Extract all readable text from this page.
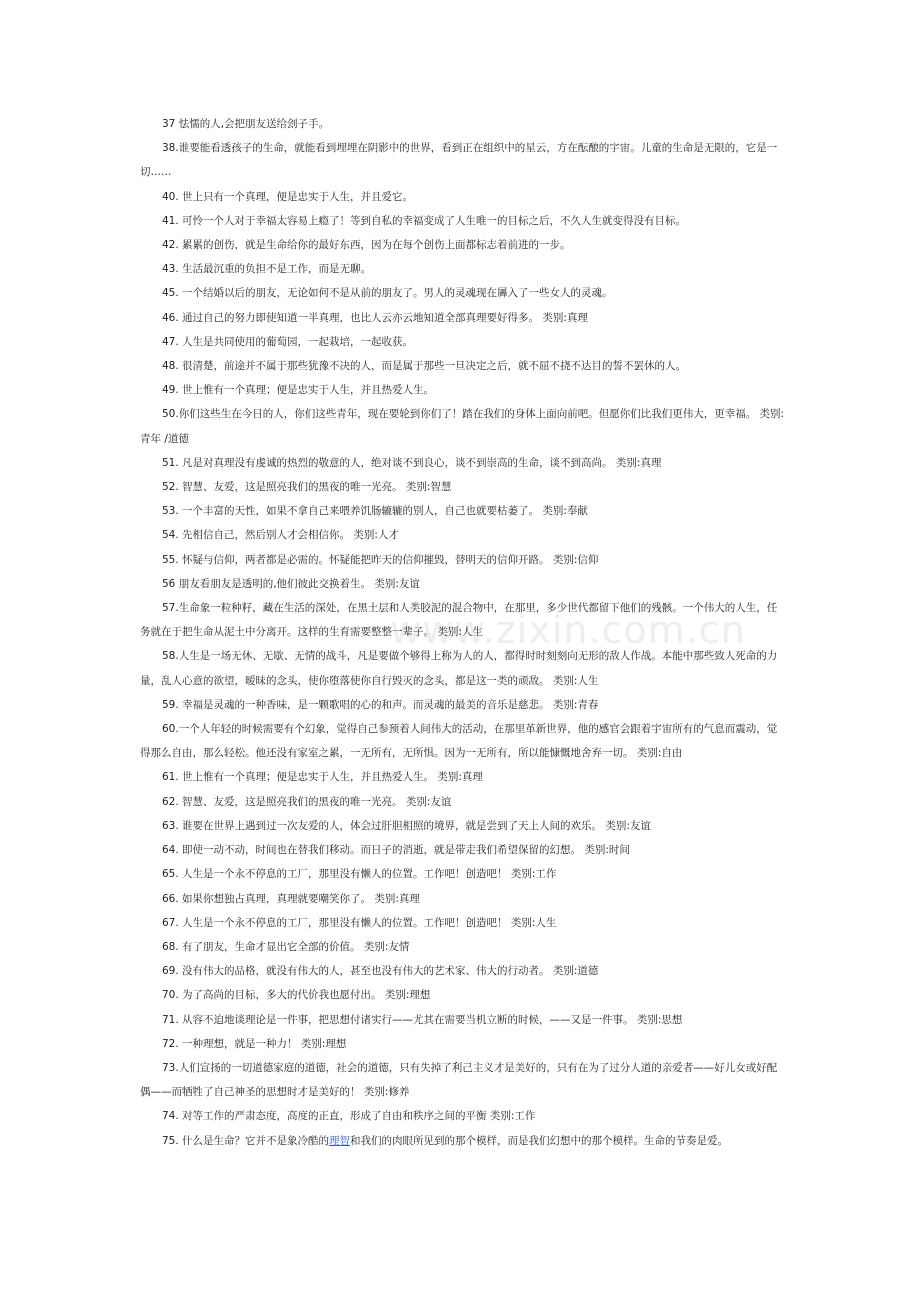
www.zixin.com.cn

37 怯懦的人,会把朋友送给刽子手。

38.谁要能看透孩子的生命，就能看到埋埋在阴影中的世界，看到正在组织中的星云，方在酝酿的宇宙。儿童的生命是无限的，它是一切……

40. 世上只有一个真理，便是忠实于人生，并且爱它。

41. 可怜一个人对于幸福太容易上瘾了！等到自私的幸福变成了人生唯一的目标之后，不久人生就变得没有目标。

42. 累累的创伤，就是生命给你的最好东西，因为在每个创伤上面都标志着前进的一步。

43. 生活最沉重的负担不是工作，而是无聊。

45. 一个结婚以后的朋友，无论如何不是从前的朋友了。男人的灵魂现在羼入了一些女人的灵魂。

46. 通过自己的努力即使知道一半真理，也比人云亦云地知道全部真理要好得多。 类别:真理

47. 人生是共同使用的葡萄园，一起栽培，一起收获。

48. 很清楚，前途并不属于那些犹豫不决的人，而是属于那些一旦决定之后，就不屈不挠不达目的誓不罢休的人。

49. 世上惟有一个真理；便是忠实于人生，并且热爱人生。

50.你们这些生在今日的人，你们这些青年，现在要轮到你们了！踏在我们的身体上面向前吧。但愿你们比我们更伟大，更幸福。 类别:青年 /道德

51. 凡是对真理没有虔诚的热烈的敬意的人，绝对谈不到良心，谈不到崇高的生命，谈不到高尚。 类别:真理

52. 智慧、友爱，这是照亮我们的黑夜的唯一光亮。 类别:智慧

53. 一个丰富的天性，如果不拿自己来喂养饥肠辘辘的别人，自己也就要枯萎了。 类别:奉献

54. 先相信自己，然后别人才会相信你。 类别:人才

55. 怀疑与信仰，两者都是必需的。怀疑能把昨天的信仰摧毁，替明天的信仰开路。 类别:信仰

56 朋友看朋友是透明的,他们彼此交换着生。 类别:友谊

57.生命象一粒种籽，藏在生活的深处，在黑土层和人类胶泥的混合物中，在那里，多少世代都留下他们的残骸。一个伟大的人生，任务就在于把生命从泥土中分离开。这样的生育需要整整一辈子。 类别:人生

58.人生是一场无休、无歇、无情的战斗，凡是要做个够得上称为人的人，都得时时刻刻向无形的敌人作战。本能中那些致人死命的力量，乱人心意的欲望，暧昧的念头，使你堕落使你自行毁灭的念头，都是这一类的顽敌。 类别:人生

59. 幸福是灵魂的一种香味，是一颗歌唱的心的和声。而灵魂的最美的音乐是慈悲。 类别:青春

60.一个人年轻的时候需要有个幻象，觉得自己参预着人间伟大的活动，在那里革新世界，他的感官会跟着宇宙所有的气息而震动，觉得那么自由，那么轻松。他还没有家室之累，一无所有，无所惧。因为一无所有，所以能慷慨地舍弃一切。 类别:自由

61. 世上惟有一个真理；便是忠实于人生，并且热爱人生。 类别:真理

62. 智慧、友爱，这是照亮我们的黑夜的唯一光亮。 类别:友谊

63. 谁要在世界上遇到过一次友爱的人，体会过肝胆相照的境界，就是尝到了天上人间的欢乐。 类别:友谊

64. 即使一动不动，时间也在替我们移动。而日子的消逝，就是带走我们希望保留的幻想。 类别:时间

65. 人生是一个永不停息的工厂，那里没有懒人的位置。工作吧！创造吧！ 类别:工作

66. 如果你想独占真理，真理就要嘲笑你了。 类别:真理

67. 人生是一个永不停息的工厂，那里没有懒人的位置。工作吧！创造吧！ 类别:人生

68. 有了朋友，生命才显出它全部的价值。 类别:友情

69. 没有伟大的品格，就没有伟大的人，甚至也没有伟大的艺术家、伟大的行动者。 类别:道德

70. 为了高尚的目标，多大的代价我也愿付出。 类别:理想

71. 从容不迫地谈理论是一件事，把思想付诸实行——尤其在需要当机立断的时候，——又是一件事。 类别:思想

72. 一种理想，就是一种力！ 类别:理想

73.人们宣扬的一切道德家庭的道德，社会的道德，只有失掉了利己主义才是美好的，只有在为了过分人道的亲爱者——好儿女或好配偶——而牺牲了自己神圣的思想时才是美好的！ 类别:修养

74. 对等工作的严肃态度，高度的正直，形成了自由和秩序之间的平衡 类别:工作

75. 什么是生命？它并不是象冷酷的理智和我们的肉眼所见到的那个模样，而是我们幻想中的那个模样。生命的节奏是爱。
